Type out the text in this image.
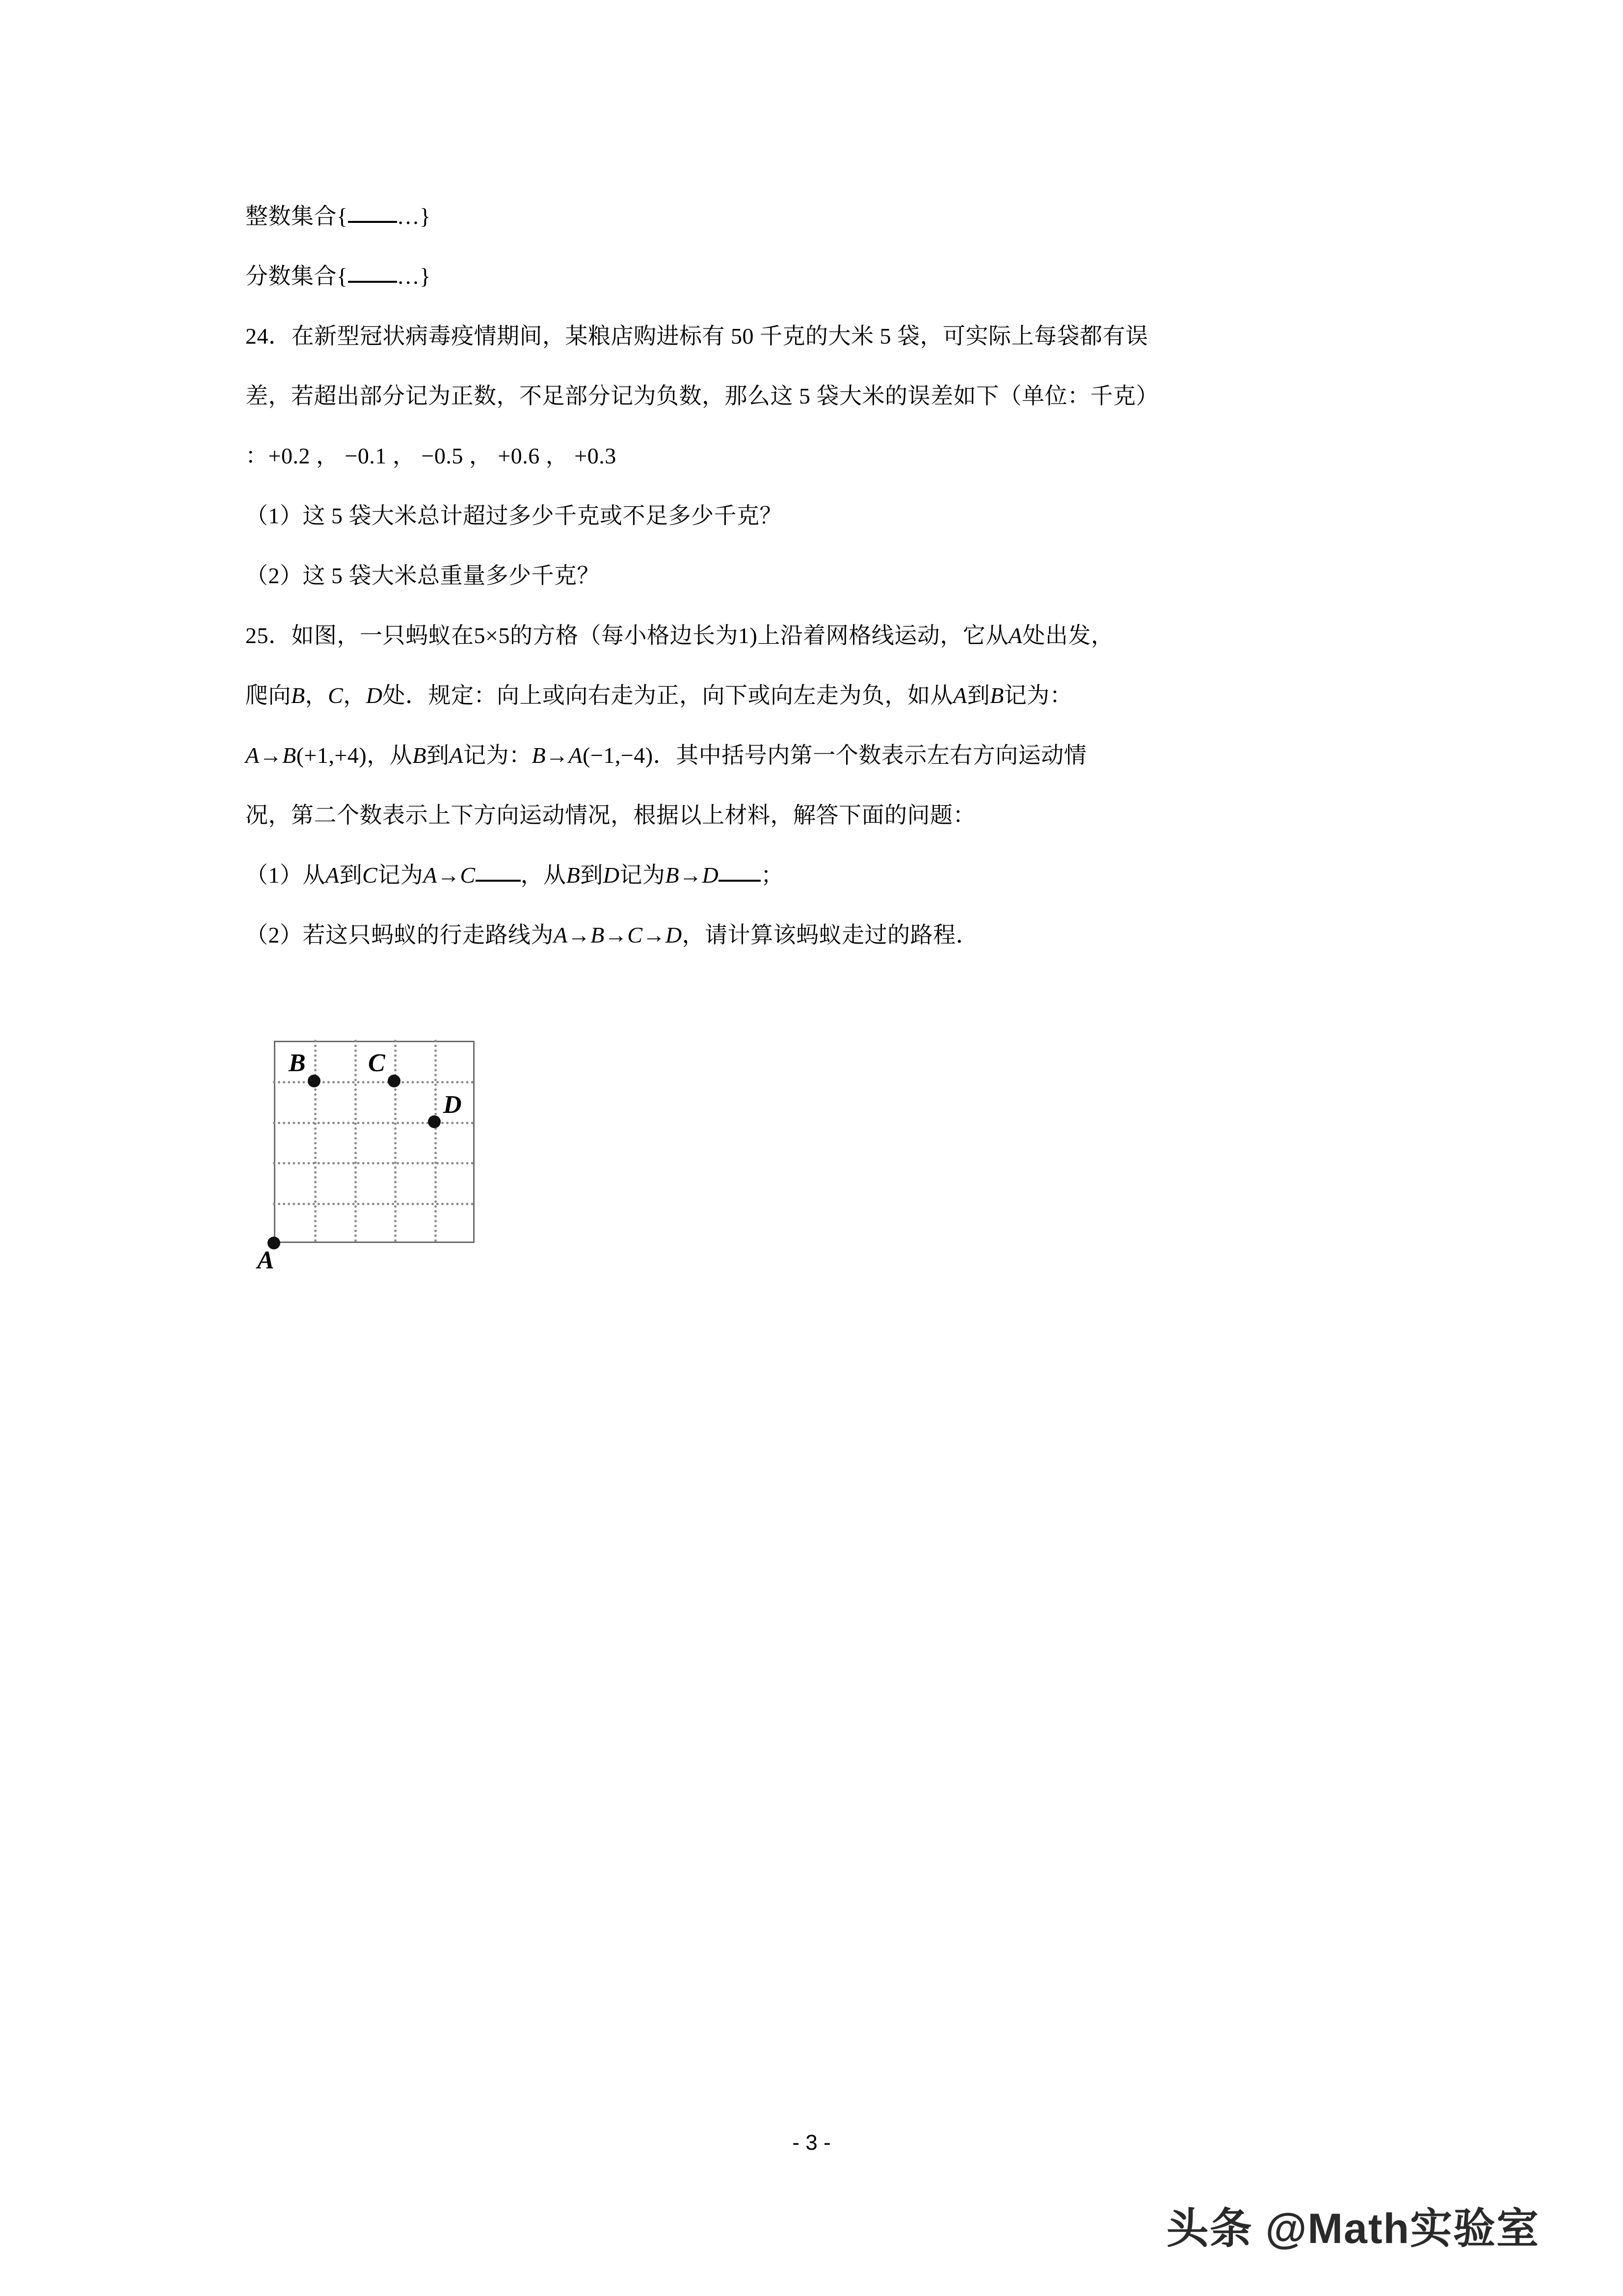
整数集合{ …}
分数集合{ …}
24．在新型冠状病毒疫情期间，某粮店购进标有 50 千克的大米 5 袋，可实际上每袋都有误
差，若超出部分记为正数，不足部分记为负数，那么这 5 袋大米的误差如下（单位：千克）
：+0.2 ， −0.1 ， −0.5 ， +0.6 ， +0.3
（1）这 5 袋大米总计超过多少千克或不足多少千克？
（2）这 5 袋大米总重量多少千克？
25．如图，一只蚂蚁在5×5的方格（每小格边长为1)上沿着网格线运动，它从A处出发，
爬向B，C，D处．规定：向上或向右走为正，向下或向左走为负，如从A到B记为：
A→B(+1,+4)，从B到A记为：B→A(−1,−4)．其中括号内第一个数表示左右方向运动情
况，第二个数表示上下方向运动情况，根据以上材料，解答下面的问题：
（1）从A到C记为A→C ，从B到D记为B→D ；
（2）若这只蚂蚁的行走路线为A→B→C→D，请计算该蚂蚁走过的路程．
A
B C
D
- 3 -
头条 @Math实验室
